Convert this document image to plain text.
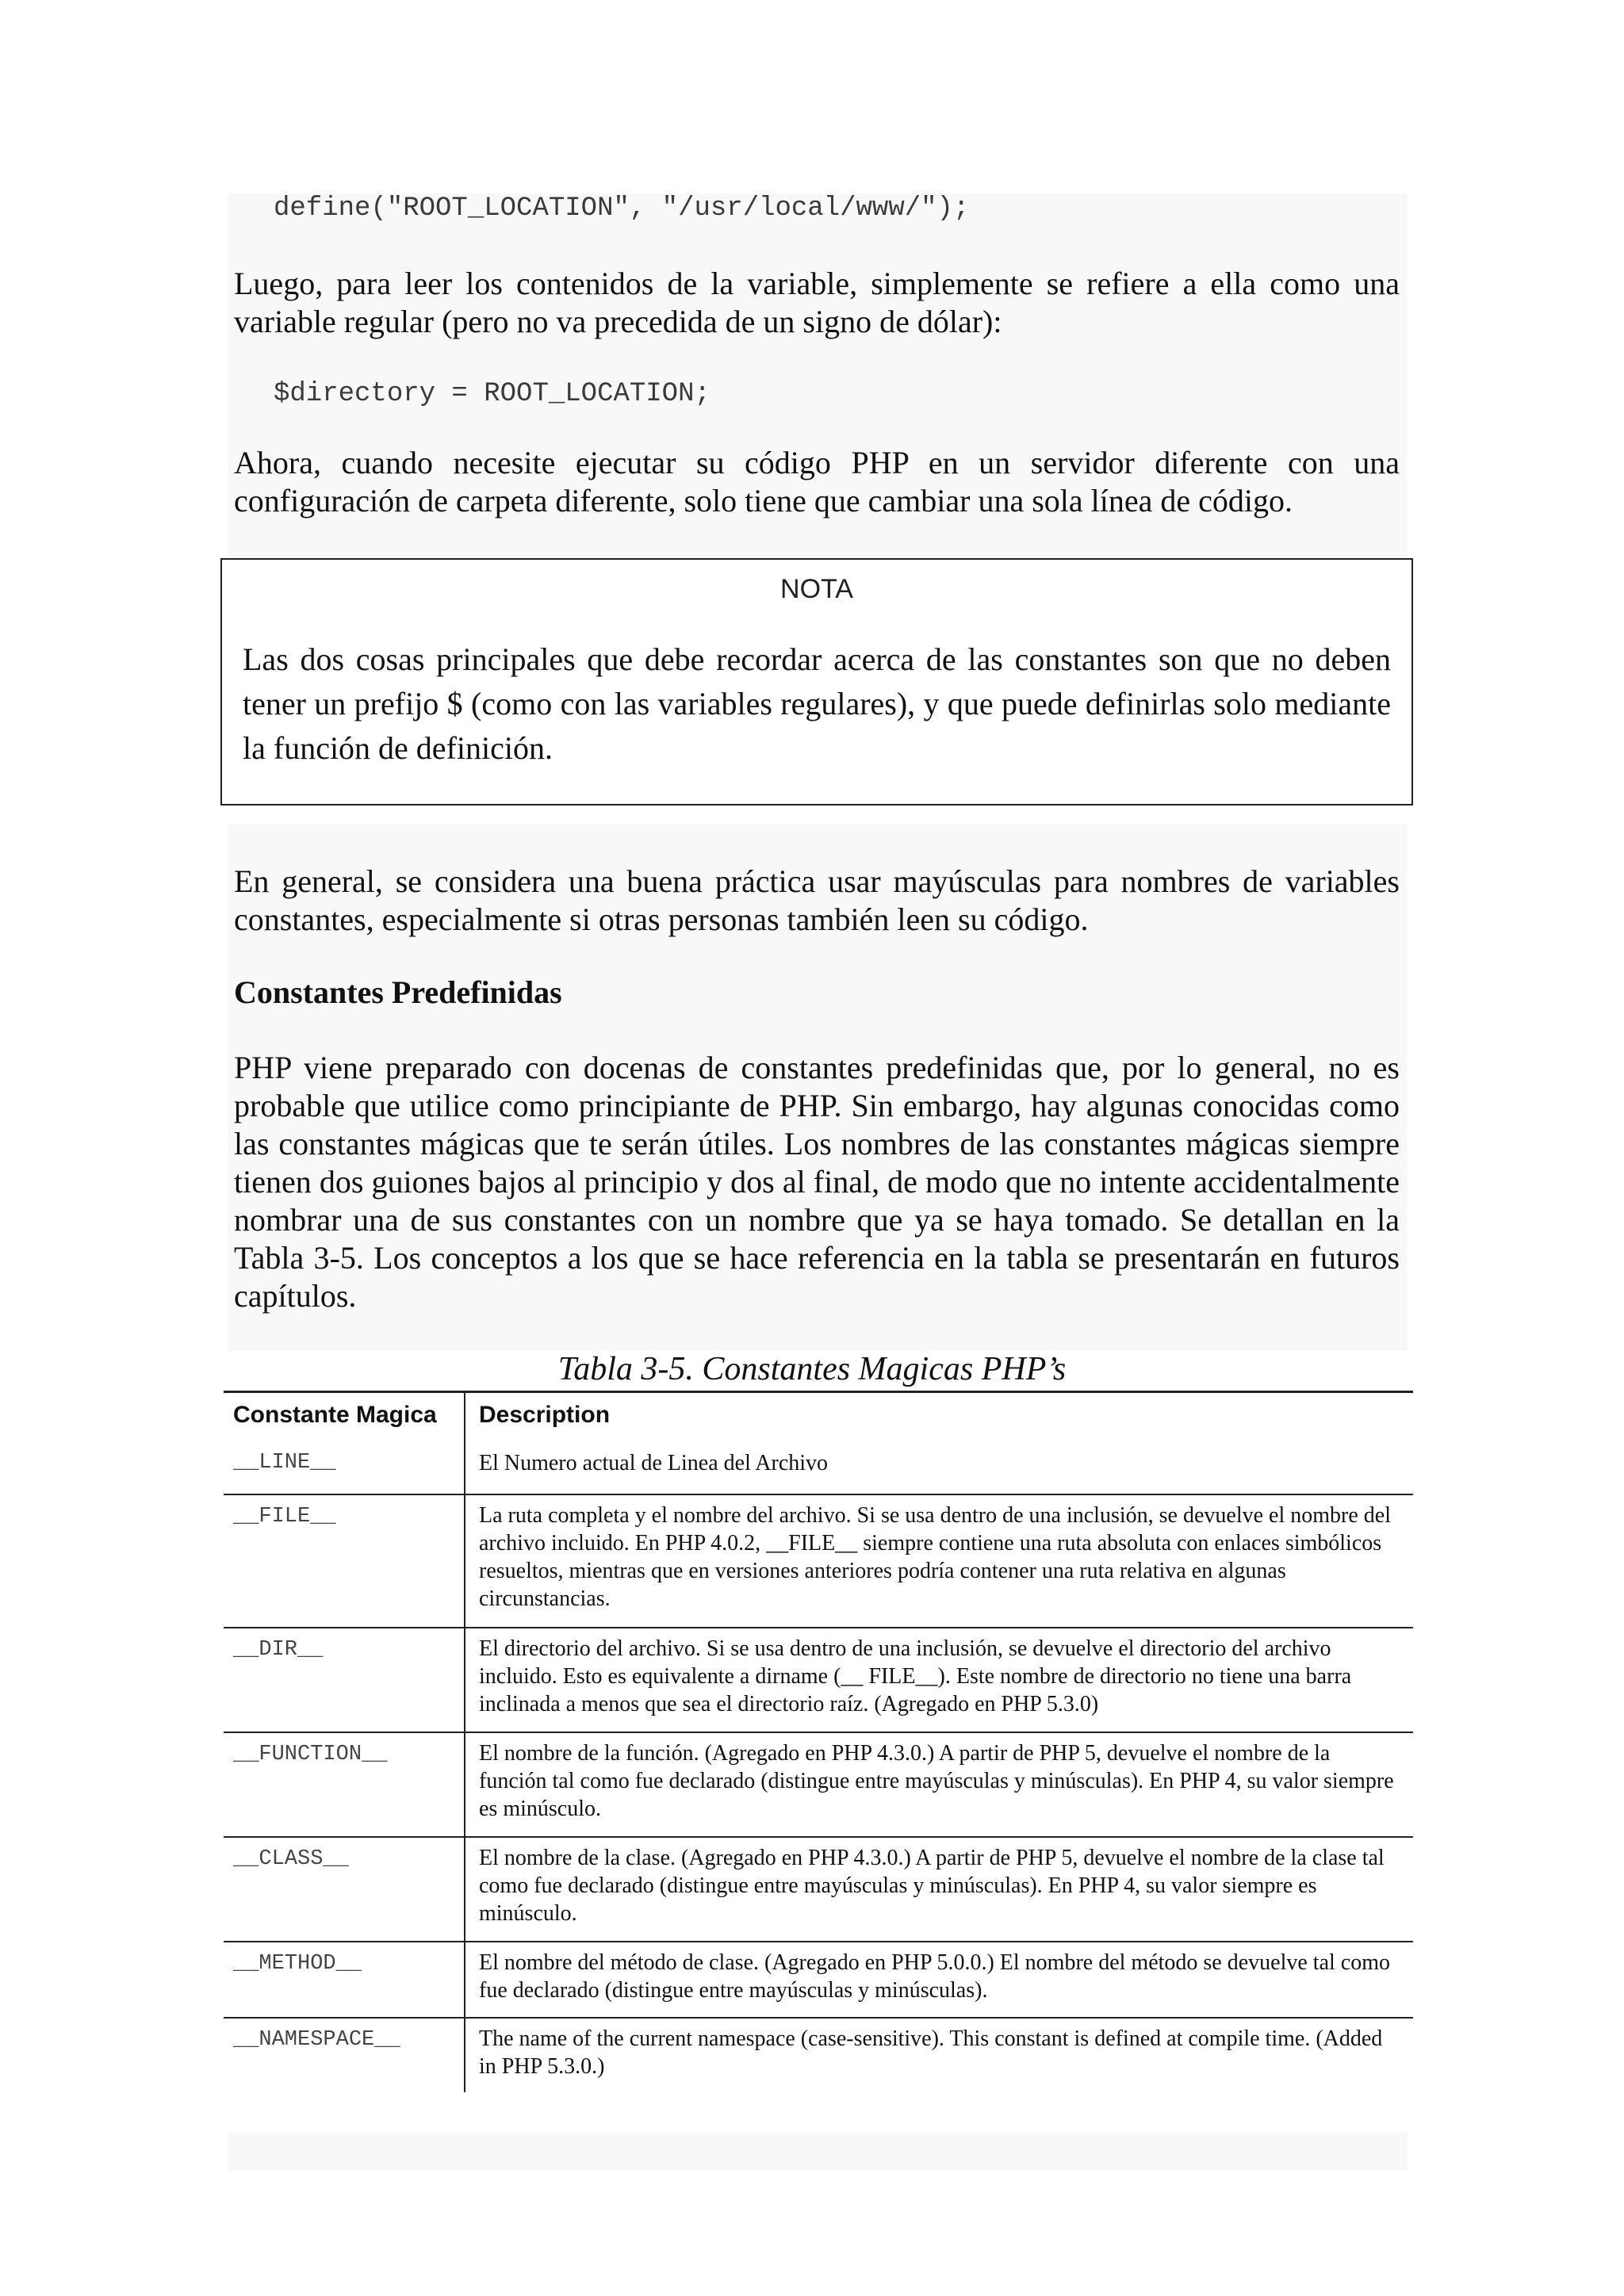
define("ROOT_LOCATION", "/usr/local/www/");

Luego, para leer los contenidos de la variable, simplemente se refiere a ella como una variable regular (pero no va precedida de un signo de dólar):

$directory = ROOT_LOCATION;

Ahora, cuando necesite ejecutar su código PHP en un servidor diferente con una configuración de carpeta diferente, solo tiene que cambiar una sola línea de código.

NOTA

Las dos cosas principales que debe recordar acerca de las constantes son que no deben tener un prefijo $ (como con las variables regulares), y que puede definirlas solo mediante la función de definición.

En general, se considera una buena práctica usar mayúsculas para nombres de variables constantes, especialmente si otras personas también leen su código.

Constantes Predefinidas

PHP viene preparado con docenas de constantes predefinidas que, por lo general, no es probable que utilice como principiante de PHP. Sin embargo, hay algunas conocidas como las constantes mágicas que te serán útiles. Los nombres de las constantes mágicas siempre tienen dos guiones bajos al principio y dos al final, de modo que no intente accidentalmente nombrar una de sus constantes con un nombre que ya se haya tomado. Se detallan en la Tabla 3-5. Los conceptos a los que se hace referencia en la tabla se presentarán en futuros capítulos.

Tabla 3-5. Constantes Magicas PHP’s
Constante Magica Description
__LINE__	El Numero actual de Linea del Archivo

__FILE__	La ruta completa y el nombre del archivo. Si se usa dentro de una inclusión, se devuelve el nombre del archivo incluido. En PHP 4.0.2, __FILE__ siempre contiene una ruta absoluta con enlaces simbólicos resueltos, mientras que en versiones anteriores podría contener una ruta relativa en algunas circunstancias.

__DIR__	El directorio del archivo. Si se usa dentro de una inclusión, se devuelve el directorio del archivo incluido. Esto es equivalente a dirname (__ FILE__). Este nombre de directorio no tiene una barra inclinada a menos que sea el directorio raíz. (Agregado en PHP 5.3.0)

__FUNCTION__	El nombre de la función. (Agregado en PHP 4.3.0.) A partir de PHP 5, devuelve el nombre de la función tal como fue declarado (distingue entre mayúsculas y minúsculas). En PHP 4, su valor siempre es minúsculo.

__CLASS__	El nombre de la clase. (Agregado en PHP 4.3.0.) A partir de PHP 5, devuelve el nombre de la clase tal como fue declarado (distingue entre mayúsculas y minúsculas). En PHP 4, su valor siempre es minúsculo.

__METHOD__	El nombre del método de clase. (Agregado en PHP 5.0.0.) El nombre del método se devuelve tal como fue declarado (distingue entre mayúsculas y minúsculas).

__NAMESPACE__	The name of the current namespace (case-sensitive). This constant is defined at compile time. (Added in PHP 5.3.0.)
